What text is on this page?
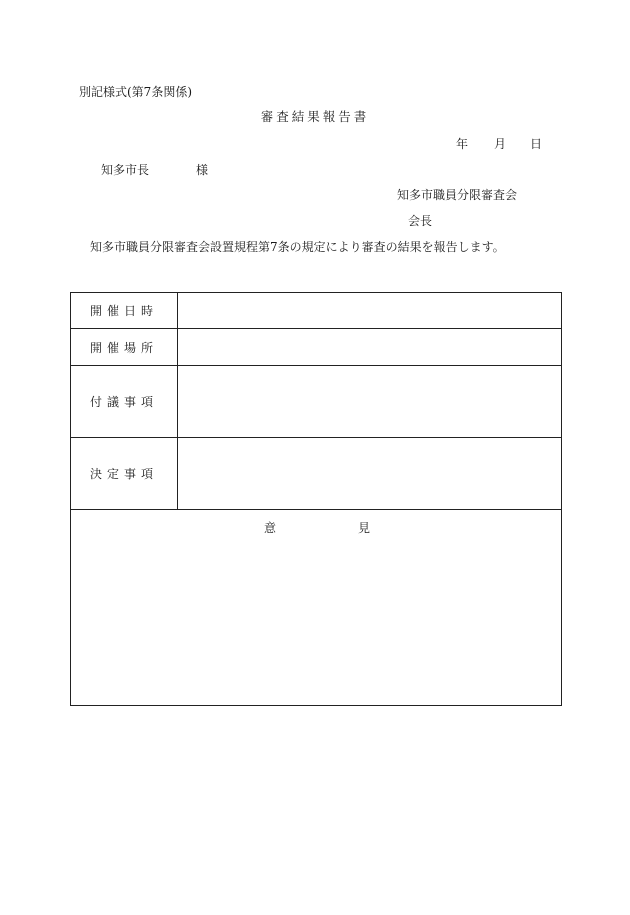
別記様式(第7条関係)
審査結果報告書
年 月 日
知多市長	様
知多市職員分限審査会
会長
知多市職員分限審査会設置規程第7条の規定により審査の結果を報告します。
開催日時	
開催場所	
付議事項	
決定事項	

意 見	
